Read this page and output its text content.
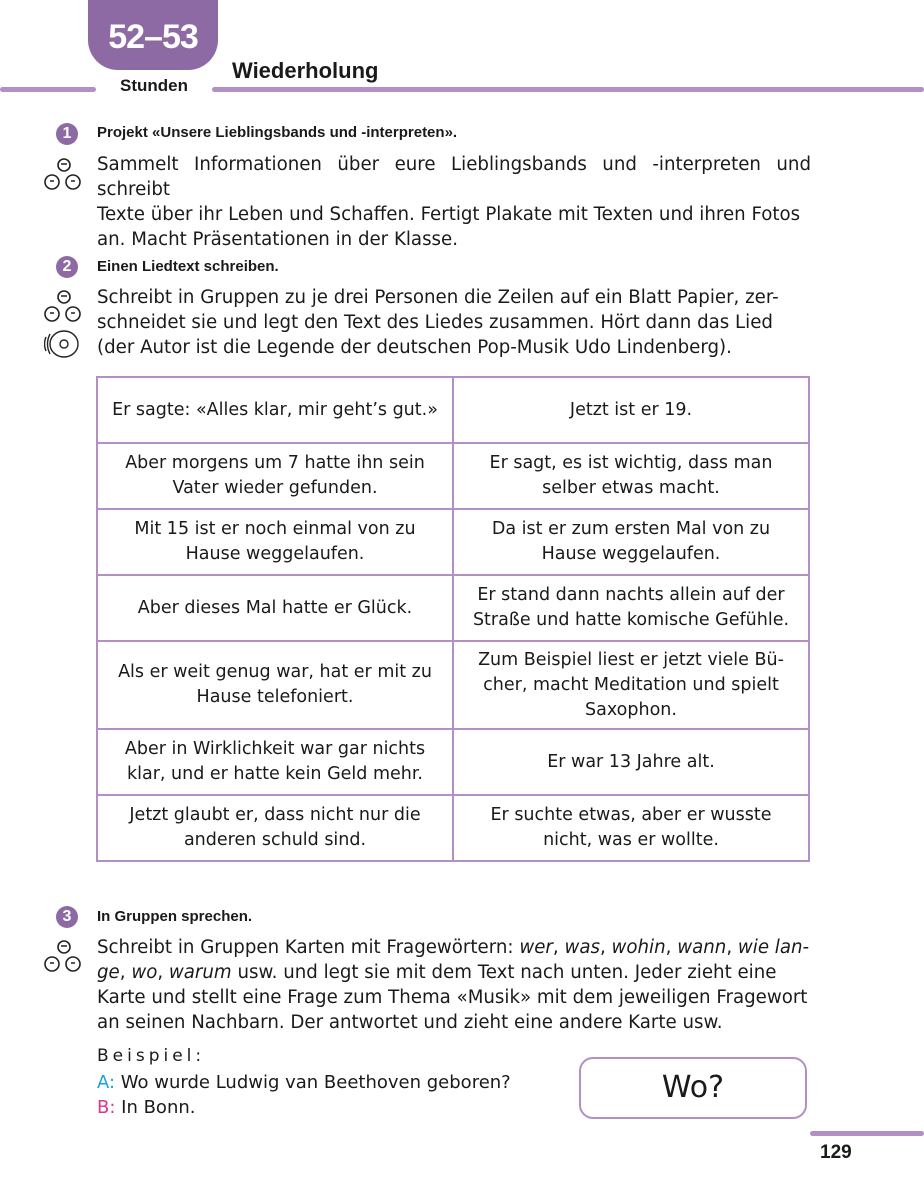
52–53
Stunden
Wiederholung
1	Projekt «Unsere Lieblingsbands und -interpreten».
Sammelt Informationen über eure Lieblingsbands und -interpreten und schreibt
Texte über ihr Leben und Schaffen. Fertigt Plakate mit Texten und ihren Fotos
an. Macht Präsentationen in der Klasse.
2	Einen Liedtext schreiben.
Schreibt in Gruppen zu je drei Personen die Zeilen auf ein Blatt Papier, zer-
schneidet sie und legt den Text des Liedes zusammen. Hört dann das Lied
(der Autor ist die Legende der deutschen Pop-Musik Udo Lindenberg).
Er sagte: «Alles klar, mir geht’s gut.»	Jetzt ist er 19.
Aber morgens um 7 hatte ihn sein Vater wieder gefunden.	Er sagt, es ist wichtig, dass man selber etwas macht.
Mit 15 ist er noch einmal von zu Hause weggelaufen.	Da ist er zum ersten Mal von zu Hause weggelaufen.
Aber dieses Mal hatte er Glück.	Er stand dann nachts allein auf der Straße und hatte komische Gefühle.
Als er weit genug war, hat er mit zu Hause telefoniert.	Zum Beispiel liest er jetzt viele Bü-cher, macht Meditation und spielt Saxophon.
Aber in Wirklichkeit war gar nichts klar, und er hatte kein Geld mehr.	Er war 13 Jahre alt.
Jetzt glaubt er, dass nicht nur die anderen schuld sind.	Er suchte etwas, aber er wusste nicht, was er wollte.
3	In Gruppen sprechen.
Schreibt in Gruppen Karten mit Fragewörtern: wer, was, wohin, wann, wie lan-
ge, wo, warum usw. und legt sie mit dem Text nach unten. Jeder zieht eine
Karte und stellt eine Frage zum Thema «Musik» mit dem jeweiligen Fragewort
an seinen Nachbarn. Der antwortet und zieht eine andere Karte usw.
Beispiel:
A: Wo wurde Ludwig van Beethoven geboren?
B: In Bonn.
Wo?
129
